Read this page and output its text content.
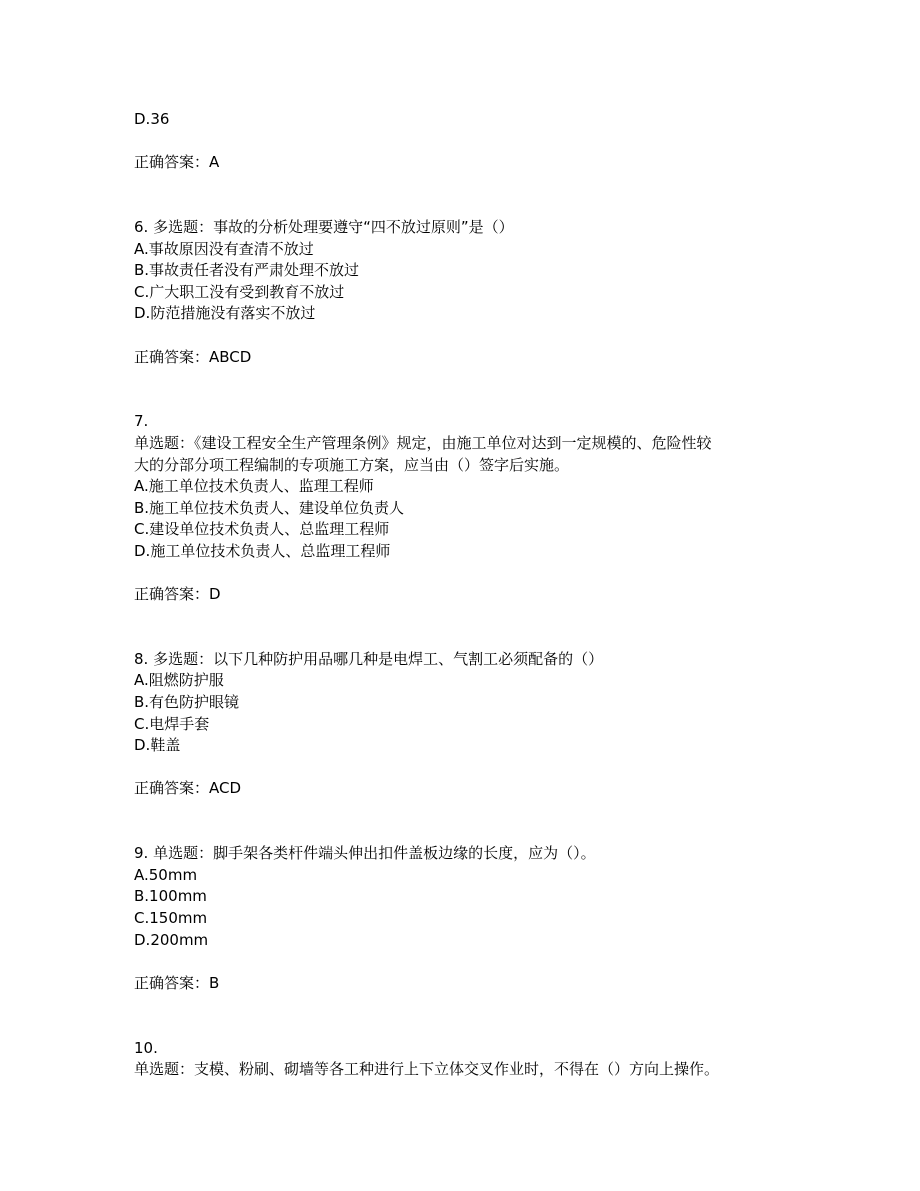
D.36

正确答案：A

6. 多选题：事故的分析处理要遵守“四不放过原则”是（）

A.事故原因没有查清不放过

B.事故责任者没有严肃处理不放过

C.广大职工没有受到教育不放过

D.防范措施没有落实不放过

正确答案：ABCD

7.

单选题：《建设工程安全生产管理条例》规定，由施工单位对达到一定规模的、危险性较

大的分部分项工程编制的专项施工方案，应当由（）签字后实施。

A.施工单位技术负责人、监理工程师

B.施工单位技术负责人、建设单位负责人

C.建设单位技术负责人、总监理工程师

D.施工单位技术负责人、总监理工程师

正确答案：D

8. 多选题：以下几种防护用品哪几种是电焊工、气割工必须配备的（）

A.阻燃防护服

B.有色防护眼镜

C.电焊手套

D.鞋盖

正确答案：ACD

9. 单选题：脚手架各类杆件端头伸出扣件盖板边缘的长度，应为（）。

A.50mm

B.100mm

C.150mm

D.200mm

正确答案：B

10.

单选题：支模、粉刷、砌墙等各工种进行上下立体交叉作业时，不得在（）方向上操作。
